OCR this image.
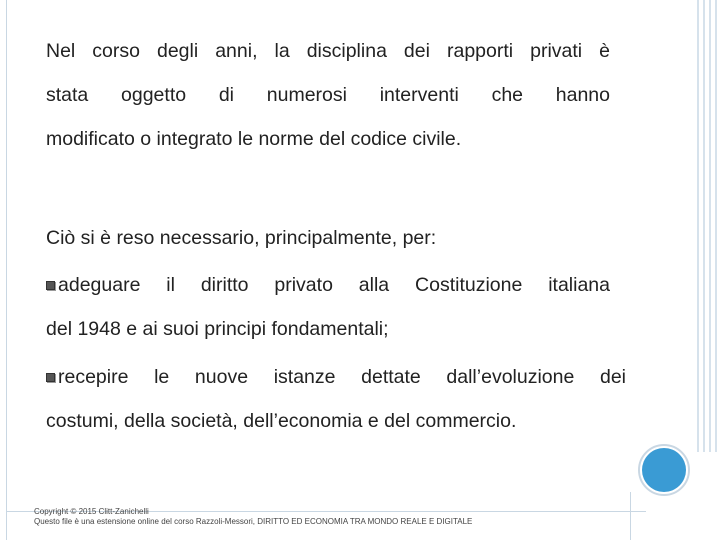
Nel corso degli anni, la disciplina dei rapporti privati è
stata oggetto di numerosi interventi che hanno
modificato o integrato le norme del codice civile.
Ciò si è reso necessario, principalmente, per:
adeguare il diritto privato alla Costituzione italiana
del 1948 e ai suoi principi fondamentali;
recepire le nuove istanze dettate dall’evoluzione dei
costumi, della società, dell’economia e del commercio.
Copyright © 2015 Clitt-Zanichelli
Questo file è una estensione online del corso Razzoli-Messori, DIRITTO ED ECONOMIA TRA MONDO REALE E DIGITALE
